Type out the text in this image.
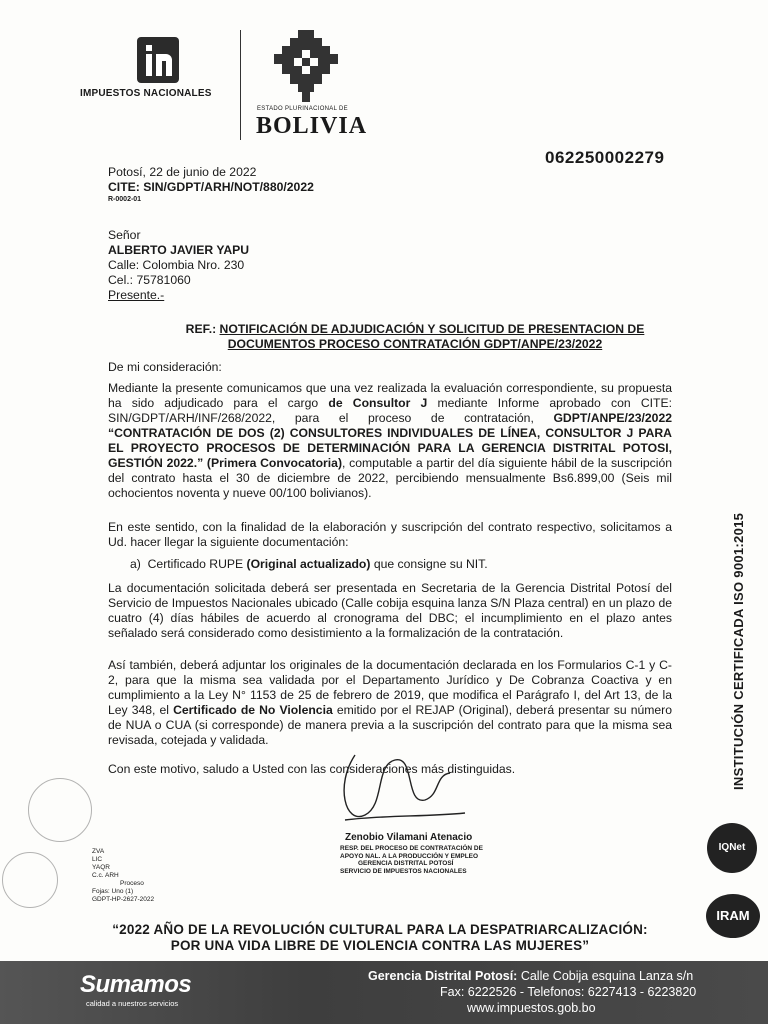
IMPUESTOS NACIONALES
ESTADO PLURINACIONAL DE
BOLIVIA
062250002279
Potosí, 22 de junio de 2022
CITE: SIN/GDPT/ARH/NOT/880/2022
R-0002-01
Señor
ALBERTO JAVIER YAPU
Calle: Colombia Nro. 230
Cel.: 75781060
Presente.-
REF.: NOTIFICACIÓN DE ADJUDICACIÓN Y SOLICITUD DE PRESENTACION DE
DOCUMENTOS PROCESO CONTRATACIÓN GDPT/ANPE/23/2022
De mi consideración:
Mediante la presente comunicamos que una vez realizada la evaluación correspondiente, su propuesta ha sido adjudicado para el cargo de Consultor J mediante Informe aprobado con CITE: SIN/GDPT/ARH/INF/268/2022, para el proceso de contratación, GDPT/ANPE/23/2022 “CONTRATACIÓN DE DOS (2) CONSULTORES INDIVIDUALES DE LÍNEA, CONSULTOR J PARA EL PROYECTO PROCESOS DE DETERMINACIÓN PARA LA GERENCIA DISTRITAL POTOSI, GESTIÓN 2022.” (Primera Convocatoria), computable a partir del día siguiente hábil de la suscripción del contrato hasta el 30 de diciembre de 2022, percibiendo mensualmente Bs6.899,00 (Seis mil ochocientos noventa y nueve 00/100 bolivianos).
En este sentido, con la finalidad de la elaboración y suscripción del contrato respectivo, solicitamos a Ud. hacer llegar la siguiente documentación:
a) Certificado RUPE (Original actualizado) que consigne su NIT.
La documentación solicitada deberá ser presentada en Secretaria de la Gerencia Distrital Potosí del Servicio de Impuestos Nacionales ubicado (Calle cobija esquina lanza S/N Plaza central) en un plazo de cuatro (4) días hábiles de acuerdo al cronograma del DBC; el incumplimiento en el plazo antes señalado será considerado como desistimiento a la formalización de la contratación.
Así también, deberá adjuntar los originales de la documentación declarada en los Formularios C-1 y C-2, para que la misma sea validada por el Departamento Jurídico y De Cobranza Coactiva y en cumplimiento a la Ley N° 1153 de 25 de febrero de 2019, que modifica el Parágrafo I, del Art 13, de la Ley 348, el Certificado de No Violencia emitido por el REJAP (Original), deberá presentar su número de NUA o CUA (si corresponde) de manera previa a la suscripción del contrato para que la misma sea revisada, cotejada y validada.
Con este motivo, saludo a Usted con las consideraciones más distinguidas.
ZVA
LIC
YAQR
C.c. ARH
Proceso
Fojas: Uno (1)
GDPT-HP-2627-2022
Zenobio Vilamani Atenacio
RESP. DEL PROCESO DE CONTRATACIÓN DE
APOYO NAL. A LA PRODUCCIÓN Y EMPLEO
GERENCIA DISTRITAL POTOSÍ
SERVICIO DE IMPUESTOS NACIONALES
“2022 AÑO DE LA REVOLUCIÓN CULTURAL PARA LA DESPATRIARCALIZACIÓN:
POR UNA VIDA LIBRE DE VIOLENCIA CONTRA LAS MUJERES”
INSTITUCIÓN CERTIFICADA ISO 9001:2015
IQNet
IRAM
Sumamos
calidad a nuestros servicios
Gerencia Distrital Potosí: Calle Cobija esquina Lanza s/n
Fax: 6222526 - Telefonos: 6227413 - 6223820
www.impuestos.gob.bo
